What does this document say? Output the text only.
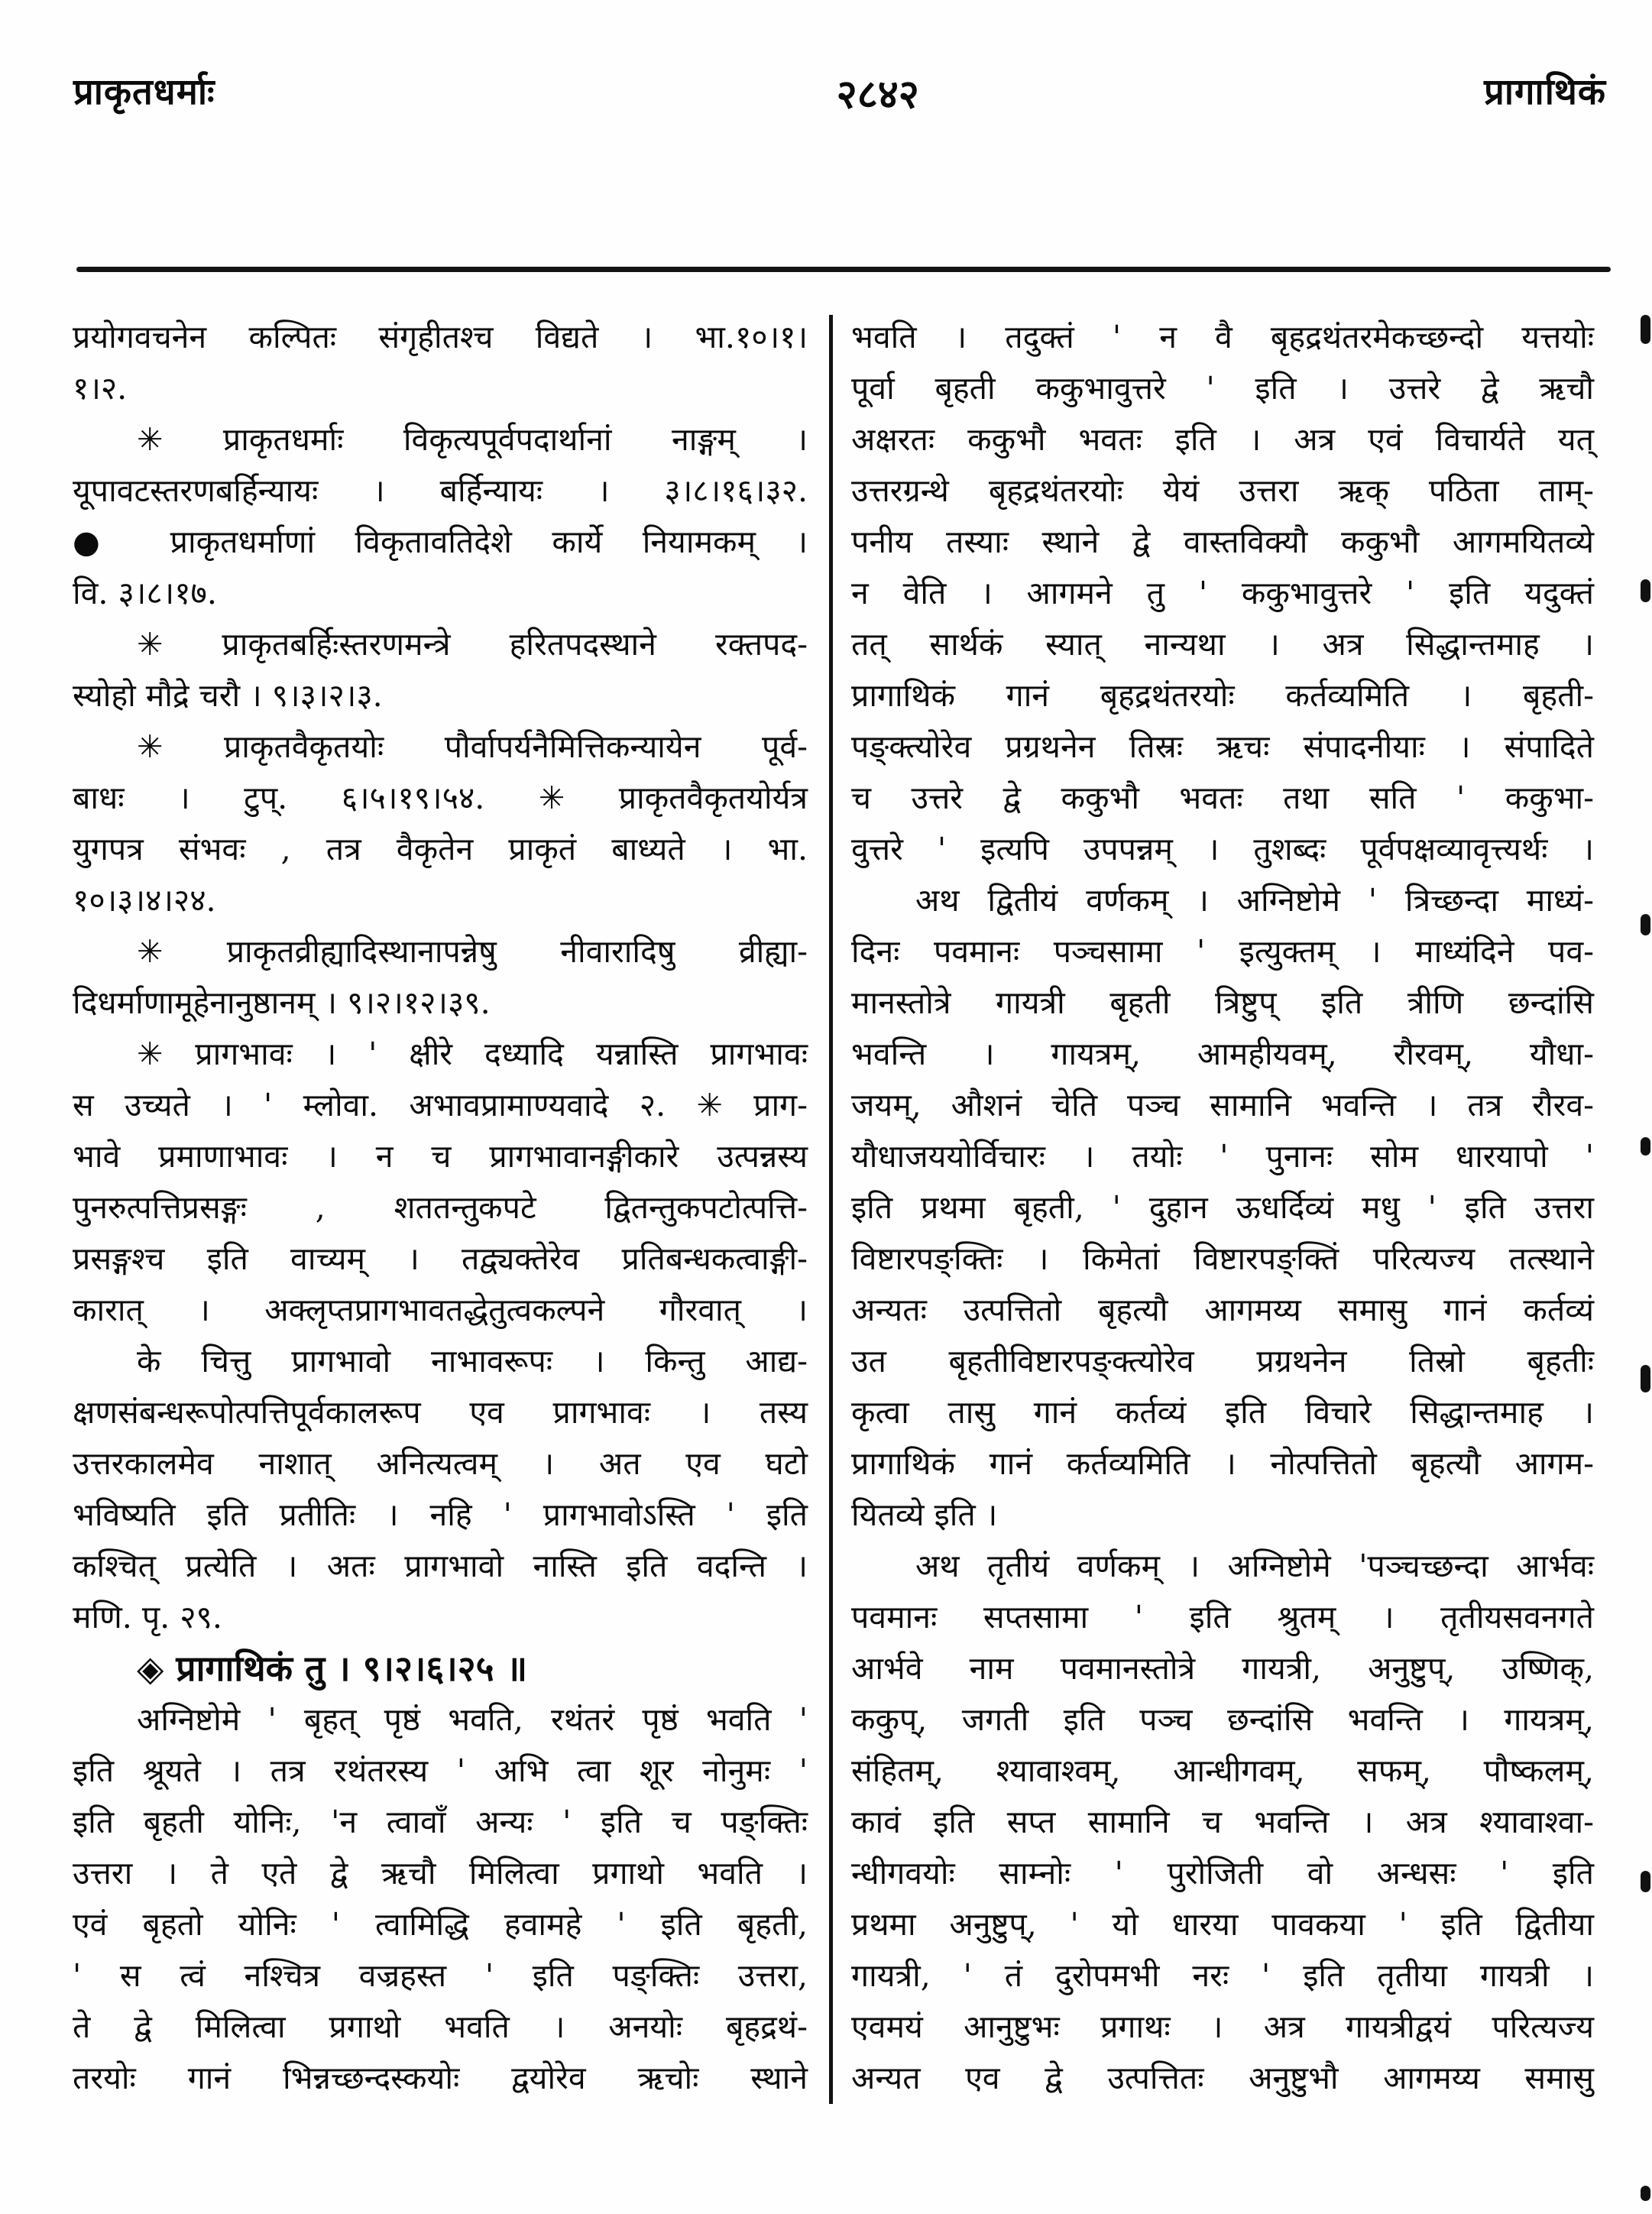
प्राकृतधर्माः	२८४२	प्रागाथिकं
प्रयोगवचनेन कल्पितः संगृहीतश्च विद्यते । भा.१०।१।
१।२.
✳ प्राकृतधर्माः विकृत्यपूर्वपदार्थानां नाङ्गम् ।
यूपावटस्तरणबर्हिन्यायः । बर्हिन्यायः । ३।८।१६।३२.
● प्राकृतधर्माणां विकृतावतिदेशे कार्ये नियामकम् ।
वि. ३।८।१७.
✳ प्राकृतबर्हिःस्तरणमन्त्रे हरितपदस्थाने रक्तपद-
स्योहो मौद्रे चरौ । ९।३।२।३.
✳ प्राकृतवैकृतयोः पौर्वापर्यनैमित्तिकन्यायेन पूर्व-
बाधः । टुप्. ६।५।१९।५४. ✳ प्राकृतवैकृतयोर्यत्र
युगपत्र संभवः , तत्र वैकृतेन प्राकृतं बाध्यते । भा.
१०।३।४।२४.
✳ प्राकृतव्रीह्यादिस्थानापन्नेषु नीवारादिषु व्रीह्या-
दिधर्माणामूहेनानुष्ठानम् । ९।२।१२।३९.
✳ प्रागभावः । ' क्षीरे दध्यादि यन्नास्ति प्रागभावः
स उच्यते । ' म्लोवा. अभावप्रामाण्यवादे २. ✳ प्राग-
भावे प्रमाणाभावः । न च प्रागभावानङ्गीकारे उत्पन्नस्य
पुनरुत्पत्तिप्रसङ्गः , शततन्तुकपटे द्वितन्तुकपटोत्पत्ति-
प्रसङ्गश्च इति वाच्यम् । तद्व्यक्तेरेव प्रतिबन्धकत्वाङ्गी-
कारात् । अक्लृप्तप्रागभावतद्धेतुत्वकल्पने गौरवात् ।
के चित्तु प्रागभावो नाभावरूपः । किन्तु आद्य-
क्षणसंबन्धरूपोत्पत्तिपूर्वकालरूप एव प्रागभावः । तस्य
उत्तरकालमेव नाशात् अनित्यत्वम् । अत एव घटो
भविष्यति इति प्रतीतिः । नहि ' प्रागभावोऽस्ति ' इति
कश्चित् प्रत्येति । अतः प्रागभावो नास्ति इति वदन्ति ।
मणि. पृ. २९.
◈ प्रागाथिकं तु । ९।२।६।२५ ॥
अग्निष्टोमे ' बृहत् पृष्ठं भवति, रथंतरं पृष्ठं भवति '
इति श्रूयते । तत्र रथंतरस्य ' अभि त्वा शूर नोनुमः '
इति बृहती योनिः, 'न त्वावाँ अन्यः ' इति च पङ्क्तिः
उत्तरा । ते एते द्वे ऋचौ मिलित्वा प्रगाथो भवति ।
एवं बृहतो योनिः ' त्वामिद्धि हवामहे ' इति बृहती,
' स त्वं नश्चित्र वज्रहस्त ' इति पङ्क्तिः उत्तरा,
ते द्वे मिलित्वा प्रगाथो भवति । अनयोः बृहद्रथं-
तरयोः गानं भिन्नच्छन्दस्कयोः द्वयोरेव ऋचोः स्थाने
भवति । तदुक्तं ' न वै बृहद्रथंतरमेकच्छन्दो यत्तयोः
पूर्वा बृहती ककुभावुत्तरे ' इति । उत्तरे द्वे ऋचौ
अक्षरतः ककुभौ भवतः इति । अत्र एवं विचार्यते यत्
उत्तरग्रन्थे बृहद्रथंतरयोः येयं उत्तरा ऋक् पठिता ताम्-
पनीय तस्याः स्थाने द्वे वास्तविक्यौ ककुभौ आगमयितव्ये
न वेति । आगमने तु ' ककुभावुत्तरे ' इति यदुक्तं
तत् सार्थकं स्यात् नान्यथा । अत्र सिद्धान्तमाह ।
प्रागाथिकं गानं बृहद्रथंतरयोः कर्तव्यमिति । बृहती-
पङ्क्त्योरेव प्रग्रथनेन तिस्रः ऋचः संपादनीयाः । संपादिते
च उत्तरे द्वे ककुभौ भवतः तथा सति ' ककुभा-
वुत्तरे ' इत्यपि उपपन्नम् । तुशब्दः पूर्वपक्षव्यावृत्त्यर्थः ।
अथ द्वितीयं वर्णकम् । अग्निष्टोमे ' त्रिच्छन्दा माध्यं-
दिनः पवमानः पञ्चसामा ' इत्युक्तम् । माध्यंदिने पव-
मानस्तोत्रे गायत्री बृहती त्रिष्टुप् इति त्रीणि छन्दांसि
भवन्ति । गायत्रम्, आमहीयवम्, रौरवम्, यौधा-
जयम्, औशनं चेति पञ्च सामानि भवन्ति । तत्र रौरव-
यौधाजययोर्विचारः । तयोः ' पुनानः सोम धारयापो '
इति प्रथमा बृहती, ' दुहान ऊधर्दिव्यं मधु ' इति उत्तरा
विष्टारपङ्क्तिः । किमेतां विष्टारपङ्क्तिं परित्यज्य तत्स्थाने
अन्यतः उत्पत्तितो बृहत्यौ आगमय्य समासु गानं कर्तव्यं
उत बृहतीविष्टारपङ्क्त्योरेव प्रग्रथनेन तिस्रो बृहतीः
कृत्वा तासु गानं कर्तव्यं इति विचारे सिद्धान्तमाह ।
प्रागाथिकं गानं कर्तव्यमिति । नोत्पत्तितो बृहत्यौ आगम-
यितव्ये इति ।
अथ तृतीयं वर्णकम् । अग्निष्टोमे 'पञ्चच्छन्दा आर्भवः
पवमानः सप्तसामा ' इति श्रुतम् । तृतीयसवनगते
आर्भवे नाम पवमानस्तोत्रे गायत्री, अनुष्टुप्, उष्णिक्,
ककुप्, जगती इति पञ्च छन्दांसि भवन्ति । गायत्रम्,
संहितम्, श्यावाश्वम्, आन्धीगवम्, सफम्, पौष्कलम्,
कावं इति सप्त सामानि च भवन्ति । अत्र श्यावाश्वा-
न्धीगवयोः साम्नोः ' पुरोजिती वो अन्धसः ' इति
प्रथमा अनुष्टुप्, ' यो धारया पावकया ' इति द्वितीया
गायत्री, ' तं दुरोपमभी नरः ' इति तृतीया गायत्री ।
एवमयं आनुष्टुभः प्रगाथः । अत्र गायत्रीद्वयं परित्यज्य
अन्यत एव द्वे उत्पत्तितः अनुष्टुभौ आगमय्य समासु
